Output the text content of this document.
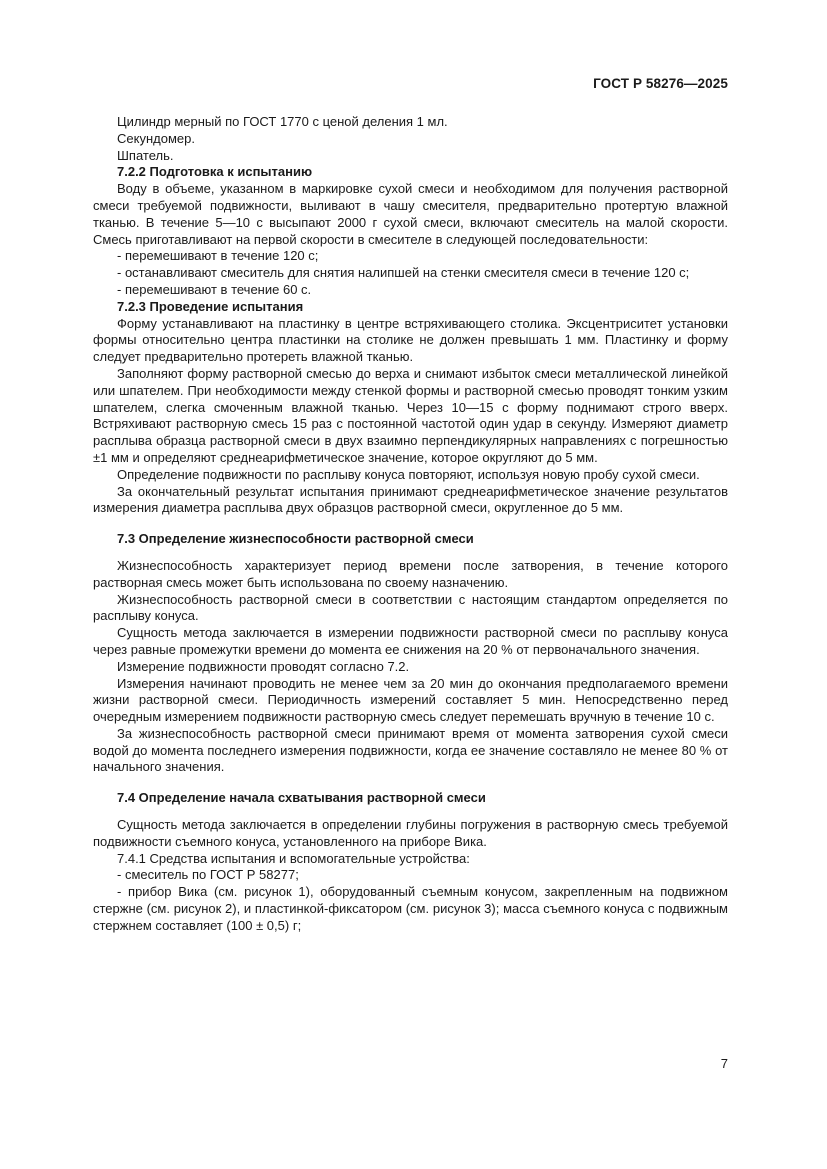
ГОСТ Р 58276—2025

Цилиндр мерный по ГОСТ 1770 с ценой деления 1 мл.

Секундомер.

Шпатель.

7.2.2 Подготовка к испытанию

Воду в объеме, указанном в маркировке сухой смеси и необходимом для получения растворной смеси требуемой подвижности, выливают в чашу смесителя, предварительно протертую влажной тканью. В течение 5—10 с высыпают 2000 г сухой смеси, включают смеситель на малой скорости. Смесь приготавливают на первой скорости в смесителе в следующей последовательности:

- перемешивают в течение 120 с;

- останавливают смеситель для снятия налипшей на стенки смесителя смеси в течение 120 с;

- перемешивают в течение 60 с.

7.2.3 Проведение испытания

Форму устанавливают на пластинку в центре встряхивающего столика. Эксцентриситет установки формы относительно центра пластинки на столике не должен превышать 1 мм. Пластинку и форму следует предварительно протереть влажной тканью.

Заполняют форму растворной смесью до верха и снимают избыток смеси металлической линейкой или шпателем. При необходимости между стенкой формы и растворной смесью проводят тонким узким шпателем, слегка смоченным влажной тканью. Через 10—15 с форму поднимают строго вверх. Встряхивают растворную смесь 15 раз с постоянной частотой один удар в секунду. Измеряют диаметр расплыва образца растворной смеси в двух взаимно перпендикулярных направлениях с погрешностью ±1 мм и определяют среднеарифметическое значение, которое округляют до 5 мм.

Определение подвижности по расплыву конуса повторяют, используя новую пробу сухой смеси.

За окончательный результат испытания принимают среднеарифметическое значение результатов измерения диаметра расплыва двух образцов растворной смеси, округленное до 5 мм.

7.3 Определение жизнеспособности растворной смеси

Жизнеспособность характеризует период времени после затворения, в течение которого растворная смесь может быть использована по своему назначению.

Жизнеспособность растворной смеси в соответствии с настоящим стандартом определяется по расплыву конуса.

Сущность метода заключается в измерении подвижности растворной смеси по расплыву конуса через равные промежутки времени до момента ее снижения на 20 % от первоначального значения.

Измерение подвижности проводят согласно 7.2.

Измерения начинают проводить не менее чем за 20 мин до окончания предполагаемого времени жизни растворной смеси. Периодичность измерений составляет 5 мин. Непосредственно перед очередным измерением подвижности растворную смесь следует перемешать вручную в течение 10 с.

За жизнеспособность растворной смеси принимают время от момента затворения сухой смеси водой до момента последнего измерения подвижности, когда ее значение составляло не менее 80 % от начального значения.

7.4 Определение начала схватывания растворной смеси

Сущность метода заключается в определении глубины погружения в растворную смесь требуемой подвижности съемного конуса, установленного на приборе Вика.

7.4.1 Средства испытания и вспомогательные устройства:

- смеситель по ГОСТ Р 58277;

- прибор Вика (см. рисунок 1), оборудованный съемным конусом, закрепленным на подвижном стержне (см. рисунок 2), и пластинкой-фиксатором (см. рисунок 3); масса съемного конуса с подвижным стержнем составляет (100 ± 0,5) г;

7
